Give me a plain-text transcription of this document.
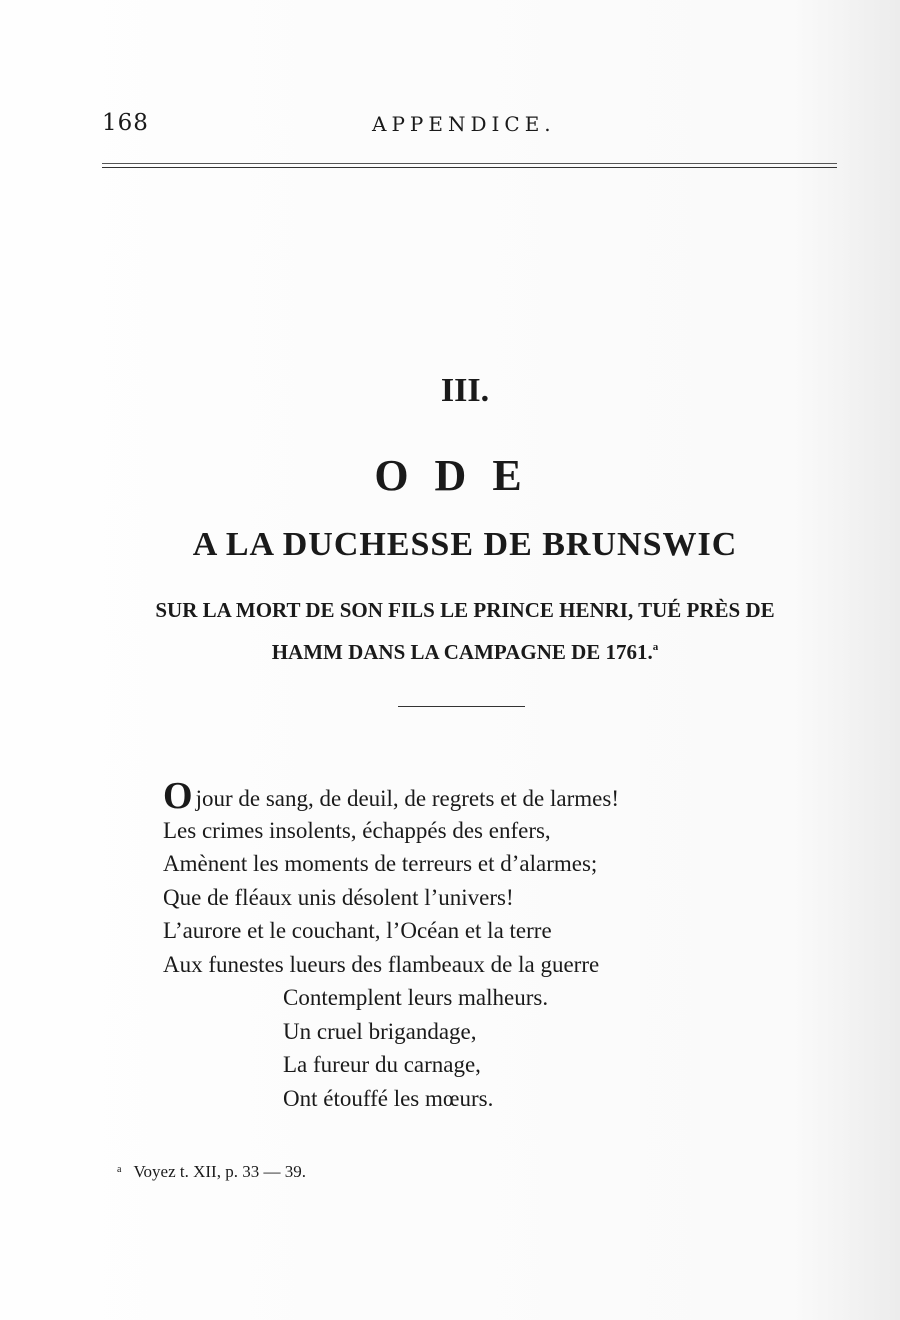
168	APPENDICE.
III.
ODE
A LA DUCHESSE DE BRUNSWIC
SUR LA MORT DE SON FILS LE PRINCE HENRI, TUÉ PRÈS DE
HAMM DANS LA CAMPAGNE DE 1761.$^a$
Ojour de sang, de deuil, de regrets et de larmes!
Les crimes insolents, échappés des enfers,
Amènent les moments de terreurs et d’alarmes;
Que de fléaux unis désolent l’univers!
L’aurore et le couchant, l’Océan et la terre
Aux funestes lueurs des flambeaux de la guerre
Contemplent leurs malheurs.
Un cruel brigandage,
La fureur du carnage,
Ont étouffé les mœurs.
$^a$ Voyez t. XII, p. 33 — 39.
